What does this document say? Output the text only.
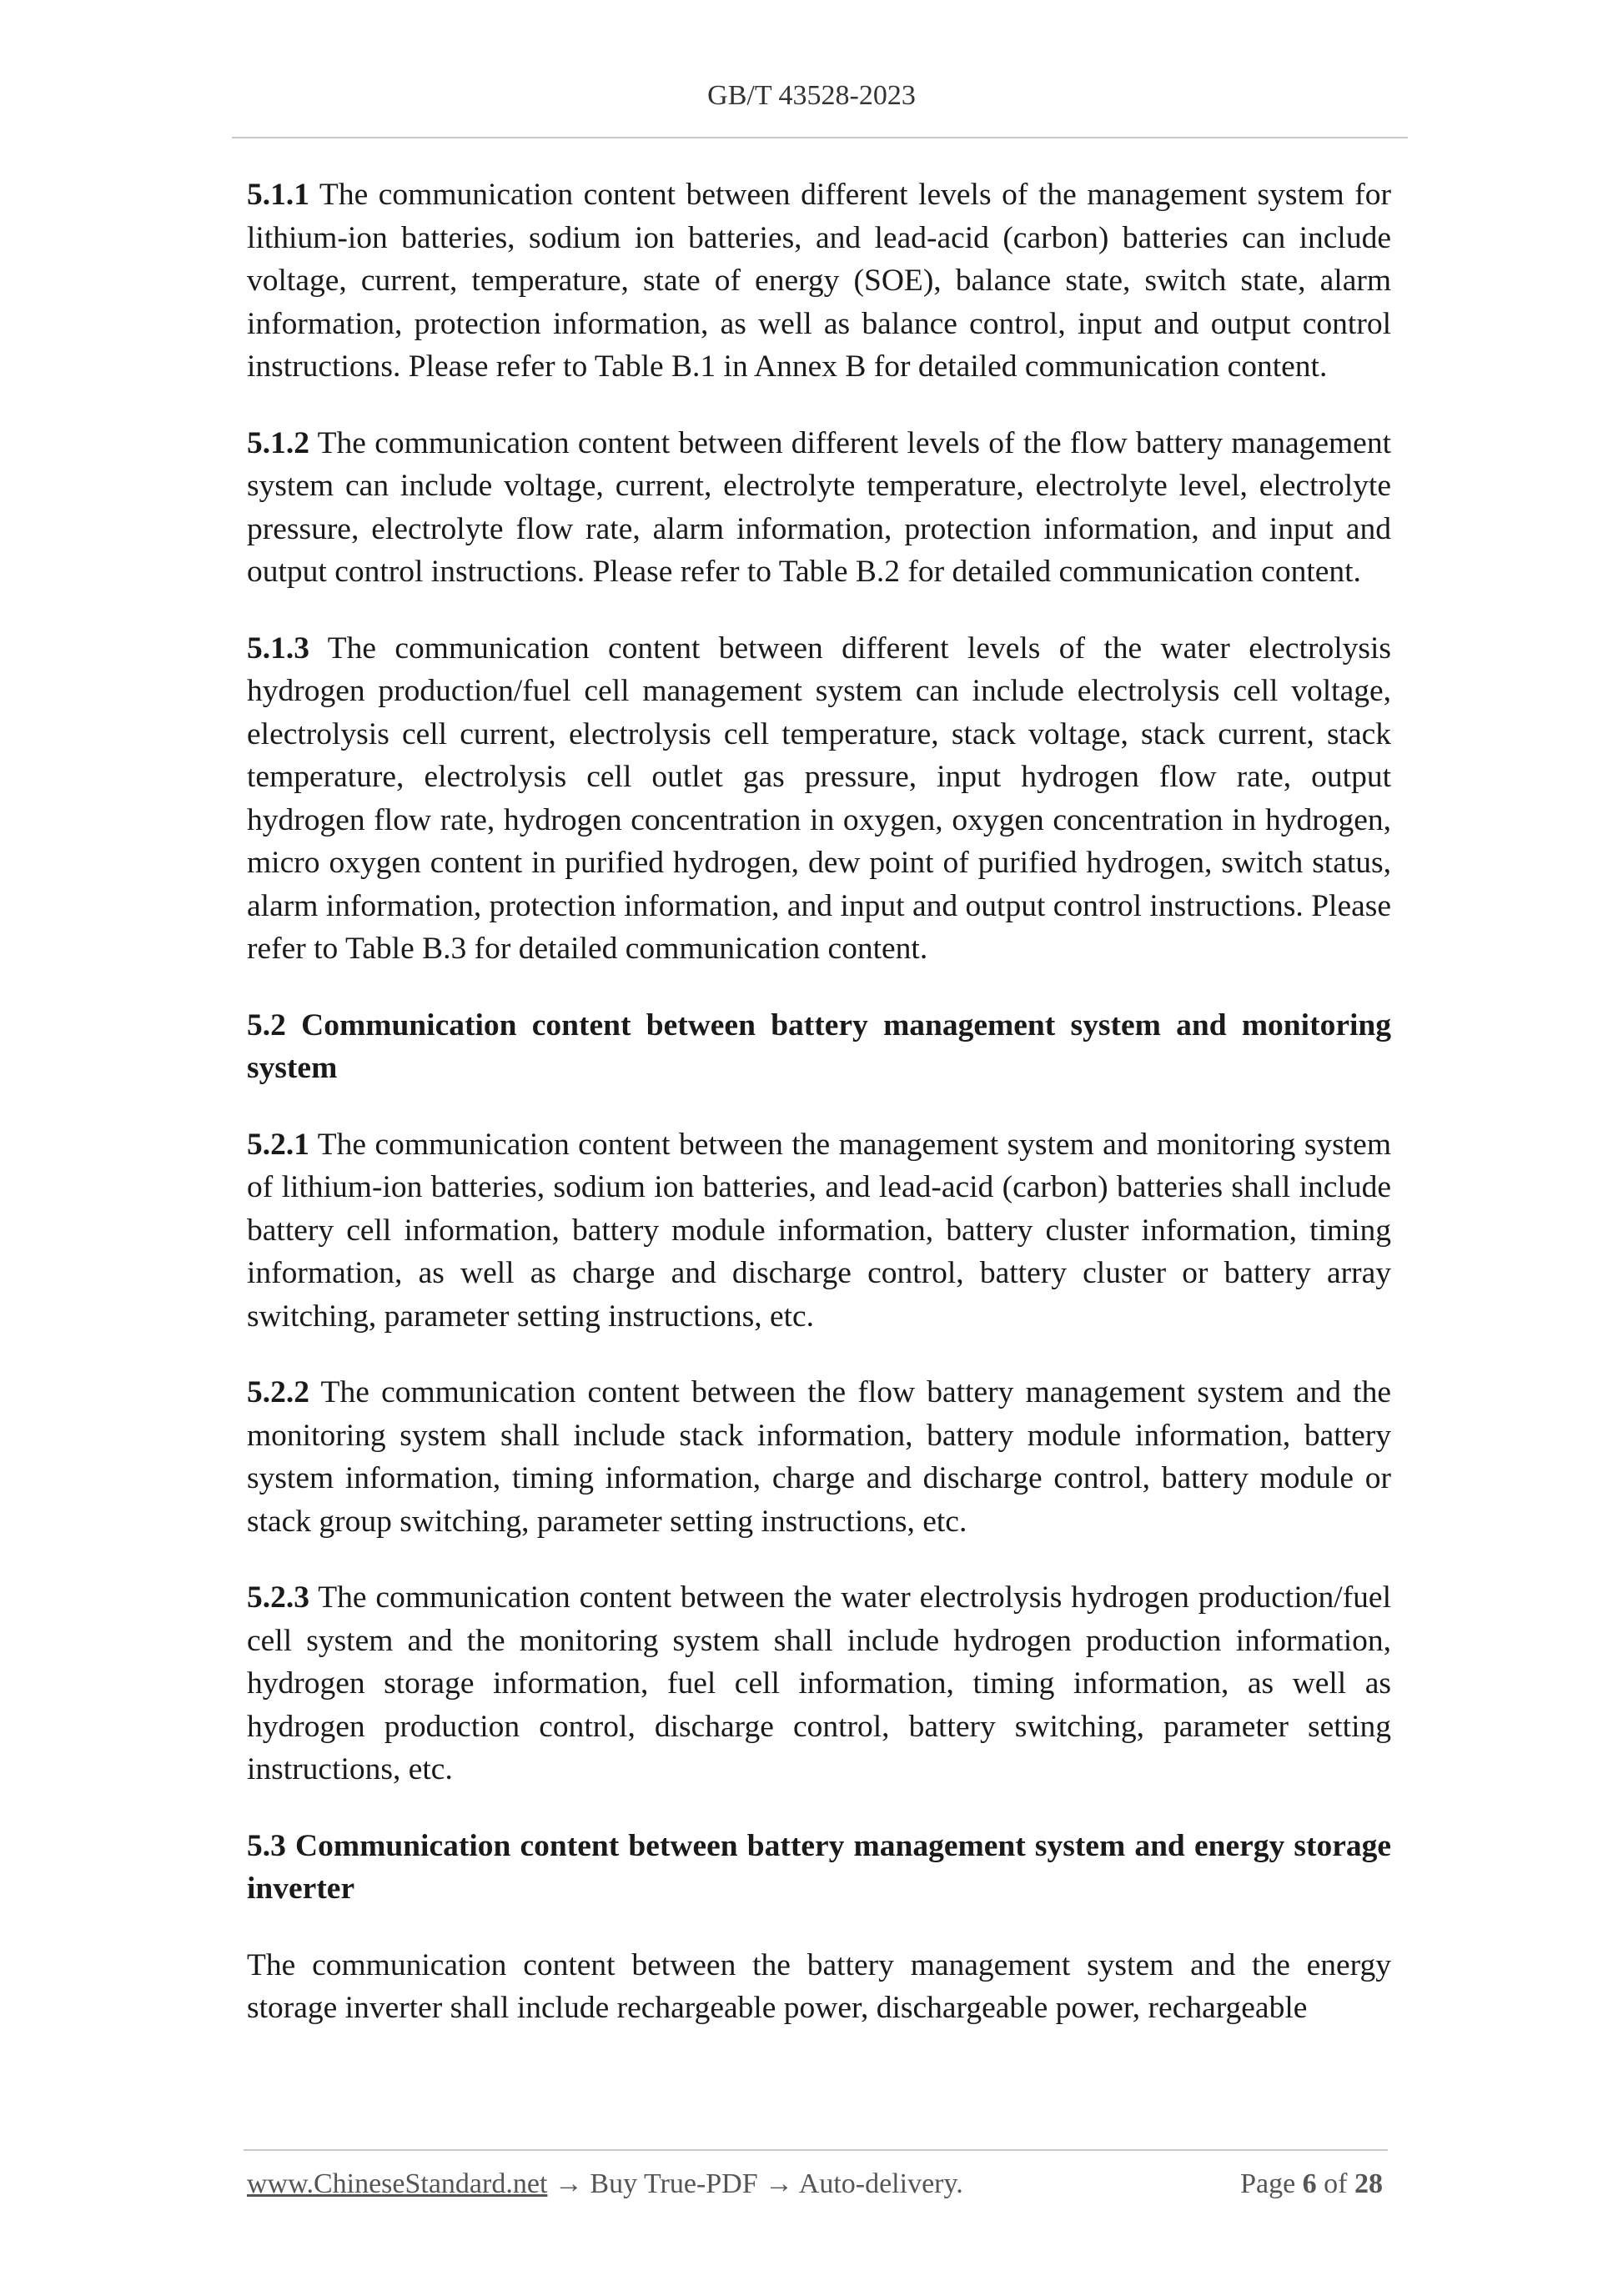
GB/T 43528-2023

5.1.1 The communication content between different levels of the management system for lithium-ion batteries, sodium ion batteries, and lead-acid (carbon) batteries can include voltage, current, temperature, state of energy (SOE), balance state, switch state, alarm information, protection information, as well as balance control, input and output control instructions. Please refer to Table B.1 in Annex B for detailed communication content.

5.1.2 The communication content between different levels of the flow battery management system can include voltage, current, electrolyte temperature, electrolyte level, electrolyte pressure, electrolyte flow rate, alarm information, protection information, and input and output control instructions. Please refer to Table B.2 for detailed communication content.

5.1.3 The communication content between different levels of the water electrolysis hydrogen production/fuel cell management system can include electrolysis cell voltage, electrolysis cell current, electrolysis cell temperature, stack voltage, stack current, stack temperature, electrolysis cell outlet gas pressure, input hydrogen flow rate, output hydrogen flow rate, hydrogen concentration in oxygen, oxygen concentration in hydrogen, micro oxygen content in purified hydrogen, dew point of purified hydrogen, switch status, alarm information, protection information, and input and output control instructions. Please refer to Table B.3 for detailed communication content.

5.2 Communication content between battery management system and monitoring system

5.2.1 The communication content between the management system and monitoring system of lithium-ion batteries, sodium ion batteries, and lead-acid (carbon) batteries shall include battery cell information, battery module information, battery cluster information, timing information, as well as charge and discharge control, battery cluster or battery array switching, parameter setting instructions, etc.

5.2.2 The communication content between the flow battery management system and the monitoring system shall include stack information, battery module information, battery system information, timing information, charge and discharge control, battery module or stack group switching, parameter setting instructions, etc.

5.2.3 The communication content between the water electrolysis hydrogen production/fuel cell system and the monitoring system shall include hydrogen production information, hydrogen storage information, fuel cell information, timing information, as well as hydrogen production control, discharge control, battery switching, parameter setting instructions, etc.

5.3 Communication content between battery management system and energy storage inverter

The communication content between the battery management system and the energy storage inverter shall include rechargeable power, dischargeable power, rechargeable

www.ChineseStandard.net → Buy True-PDF → Auto-delivery.	Page 6 of 28
